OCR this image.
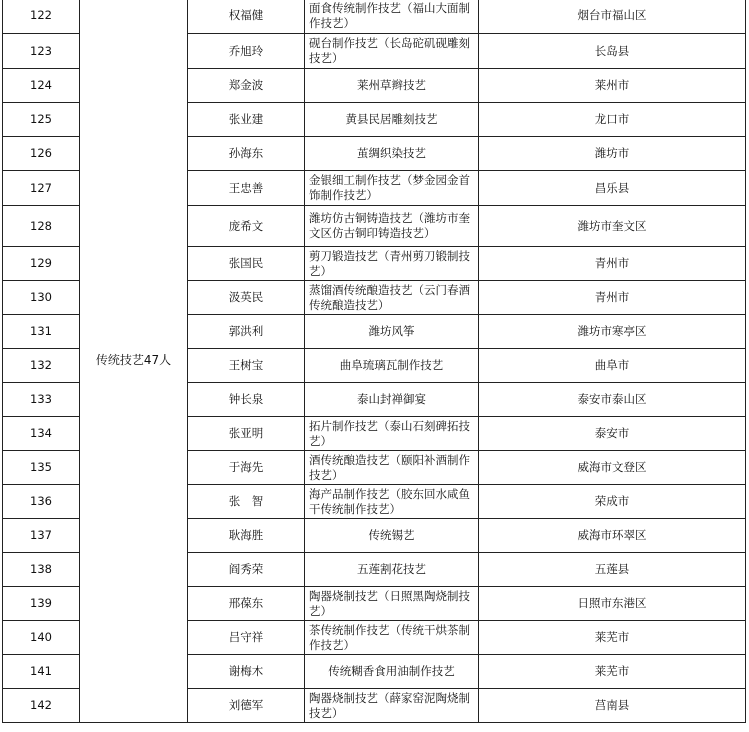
122	传统技艺47人	权福健	面食传统制作技艺（福山大面制作技艺）	烟台市福山区
123		乔旭玲	砚台制作技艺（长岛砣矶砚雕刻技艺）	长岛县
124		郑金波	莱州草辫技艺	莱州市
125		张业建	黄县民居雕刻技艺	龙口市
126		孙海东	茧绸织染技艺	潍坊市
127		王忠善	金银细工制作技艺（梦金园金首饰制作技艺）	昌乐县
128		庞希文	潍坊仿古铜铸造技艺（潍坊市奎文区仿古铜印铸造技艺）	潍坊市奎文区
129		张国民	剪刀锻造技艺（青州剪刀锻制技艺）	青州市
130		汲英民	蒸馏酒传统酿造技艺（云门春酒传统酿造技艺）	青州市
131		郭洪利	潍坊风筝	潍坊市寒亭区
132		王树宝	曲阜琉璃瓦制作技艺	曲阜市
133		钟长泉	泰山封禅御宴	泰安市泰山区
134		张亚明	拓片制作技艺（泰山石刻碑拓技艺）	泰安市
135		于海先	酒传统酿造技艺（颐阳补酒制作技艺）	威海市文登区
136		张　智	海产品制作技艺（胶东回水咸鱼干传统制作技艺）	荣成市
137		耿海胜	传统锡艺	威海市环翠区
138		阎秀荣	五莲割花技艺	五莲县
139		邢葆东	陶器烧制技艺（日照黑陶烧制技艺）	日照市东港区
140		吕守祥	茶传统制作技艺（传统干烘茶制作技艺）	莱芜市
141		谢梅木	传统糊香食用油制作技艺	莱芜市
142		刘德军	陶器烧制技艺（薛家窑泥陶烧制技艺）	莒南县
